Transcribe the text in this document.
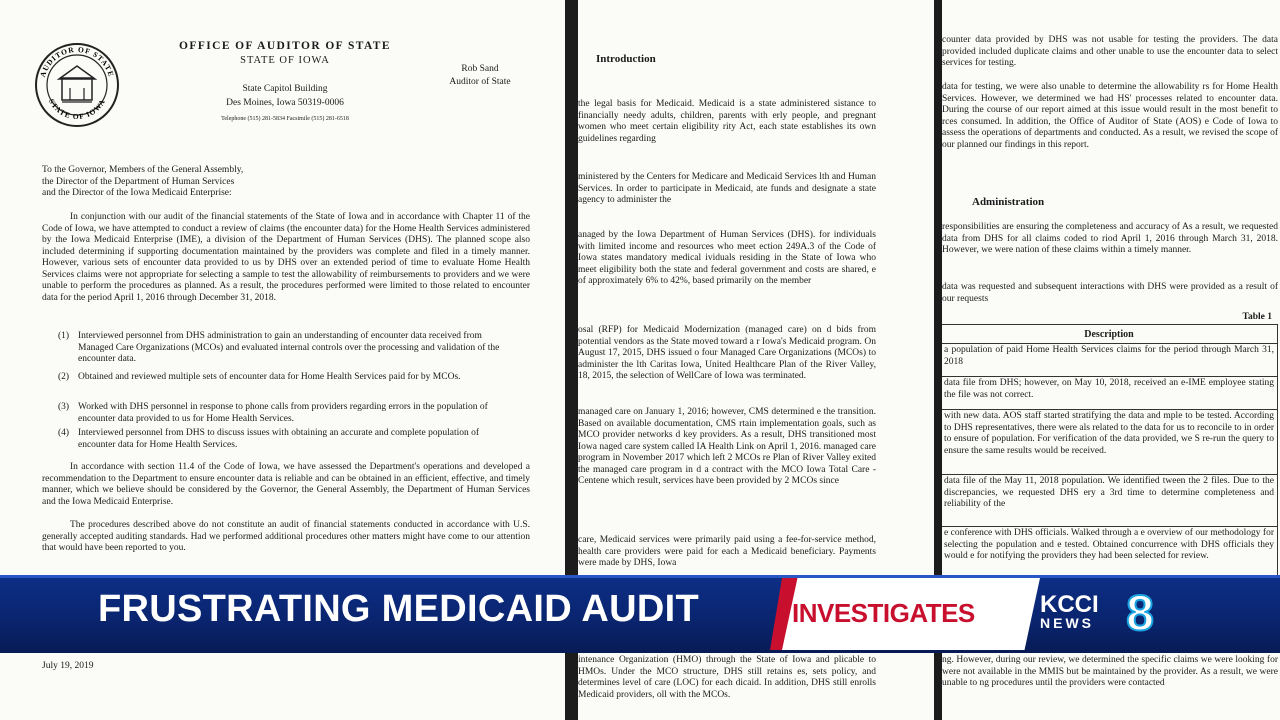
AUDITOR OF STATE
STATE OF IOWA
OFFICE OF AUDITOR OF STATE
STATE OF IOWA
State Capitol Building
Des Moines, Iowa 50319-0006
Telephone (515) 281-5834 Facsimile (515) 281-6518
Rob Sand
Auditor of State
To the Governor, Members of the General Assembly,
the Director of the Department of Human Services
and the Director of the Iowa Medicaid Enterprise:
In conjunction with our audit of the financial statements of the State of Iowa and in accordance with Chapter 11 of the Code of Iowa, we have attempted to conduct a review of claims (the encounter data) for the Home Health Services administered by the Iowa Medicaid Enterprise (IME), a division of the Department of Human Services (DHS). The planned scope also included determining if supporting documentation maintained by the providers was complete and filed in a timely manner. However, various sets of encounter data provided to us by DHS over an extended period of time to evaluate Home Health Services claims were not appropriate for selecting a sample to test the allowability of reimbursements to providers and we were unable to perform the procedures as planned. As a result, the procedures performed were limited to those related to encounter data for the period April 1, 2016 through December 31, 2018.
(1) Interviewed personnel from DHS administration to gain an understanding of encounter data received from Managed Care Organizations (MCOs) and evaluated internal controls over the processing and validation of the encounter data.
(2) Obtained and reviewed multiple sets of encounter data for Home Health Services paid for by MCOs.
(3) Worked with DHS personnel in response to phone calls from providers regarding errors in the population of encounter data provided to us for Home Health Services.
(4) Interviewed personnel from DHS to discuss issues with obtaining an accurate and complete population of encounter data for Home Health Services.
In accordance with section 11.4 of the Code of Iowa, we have assessed the Department's operations and developed a recommendation to the Department to ensure encounter data is reliable and can be obtained in an efficient, effective, and timely manner, which we believe should be considered by the Governor, the General Assembly, the Department of Human Services and the Iowa Medicaid Enterprise.
The procedures described above do not constitute an audit of financial statements conducted in accordance with U.S. generally accepted auditing standards. Had we performed additional procedures other matters might have come to our attention that would have been reported to you.
July 19, 2019
Introduction
the legal basis for Medicaid. Medicaid is a state administered sistance to financially needy adults, children, parents with erly people, and pregnant women who meet certain eligibility rity Act, each state establishes its own guidelines regarding
ministered by the Centers for Medicare and Medicaid Services lth and Human Services. In order to participate in Medicaid, ate funds and designate a state agency to administer the
anaged by the Iowa Department of Human Services (DHS). for individuals with limited income and resources who meet ection 249A.3 of the Code of Iowa states mandatory medical ividuals residing in the State of Iowa who meet eligibility both the state and federal government and costs are shared, e of approximately 6% to 42%, based primarily on the member
osal (RFP) for Medicaid Modernization (managed care) on d bids from potential vendors as the State moved toward a r Iowa's Medicaid program. On August 17, 2015, DHS issued o four Managed Care Organizations (MCOs) to administer the lth Caritas Iowa, United Healthcare Plan of the River Valley, 18, 2015, the selection of WellCare of Iowa was terminated.
managed care on January 1, 2016; however, CMS determined e the transition. Based on available documentation, CMS rtain implementation goals, such as MCO provider networks d key providers. As a result, DHS transitioned most Iowa naged care system called IA Health Link on April 1, 2016. managed care program in November 2017 which left 2 MCOs re Plan of River Valley exited the managed care program in d a contract with the MCO Iowa Total Care - Centene which result, services have been provided by 2 MCOs since
care, Medicaid services were primarily paid using a fee-for-service method, health care providers were paid for each a Medicaid beneficiary. Payments were made by DHS, Iowa
intenance Organization (HMO) through the State of Iowa and plicable to HMOs. Under the MCO structure, DHS still retains es, sets policy, and determines level of care (LOC) for each dicaid. In addition, DHS still enrolls Medicaid providers, oll with the MCOs.
counter data provided by DHS was not usable for testing the providers. The data provided included duplicate claims and other unable to use the encounter data to select services for testing.
data for testing, we were also unable to determine the allowability rs for Home Health Services. However, we determined we had HS' processes related to encounter data. During the course of our report aimed at this issue would result in the most benefit to rces consumed. In addition, the Office of Auditor of State (AOS) e Code of Iowa to assess the operations of departments and conducted. As a result, we revised the scope of our planned our findings in this report.
Administration
responsibilities are ensuring the completeness and accuracy of As a result, we requested data from DHS for all claims coded to riod April 1, 2016 through March 31, 2018. However, we were nation of these claims within a timely manner.
data was requested and subsequent interactions with DHS were provided as a result of our requests
Table 1
Description
a population of paid Home Health Services claims for the period through March 31, 2018
data file from DHS; however, on May 10, 2018, received an e-IME employee stating the file was not correct.
with new data. AOS staff started stratifying the data and mple to be tested. According to DHS representatives, there were als related to the data for us to reconcile to in order to ensure of population. For verification of the data provided, we S re-run the query to ensure the same results would be received.
data file of the May 11, 2018 population. We identified tween the 2 files. Due to the discrepancies, we requested DHS ery a 3rd time to determine completeness and reliability of the
e conference with DHS officials. Walked through a e overview of our methodology for selecting the population and e tested. Obtained concurrence with DHS officials they would e for notifying the providers they had been selected for review.
ng. However, during our review, we determined the specific claims we were looking for were not available in the MMIS but be maintained by the provider. As a result, we were unable to ng procedures until the providers were contacted
FRUSTRATING MEDICAID AUDIT	INVESTIGATES	KCCI
NEWS 8
